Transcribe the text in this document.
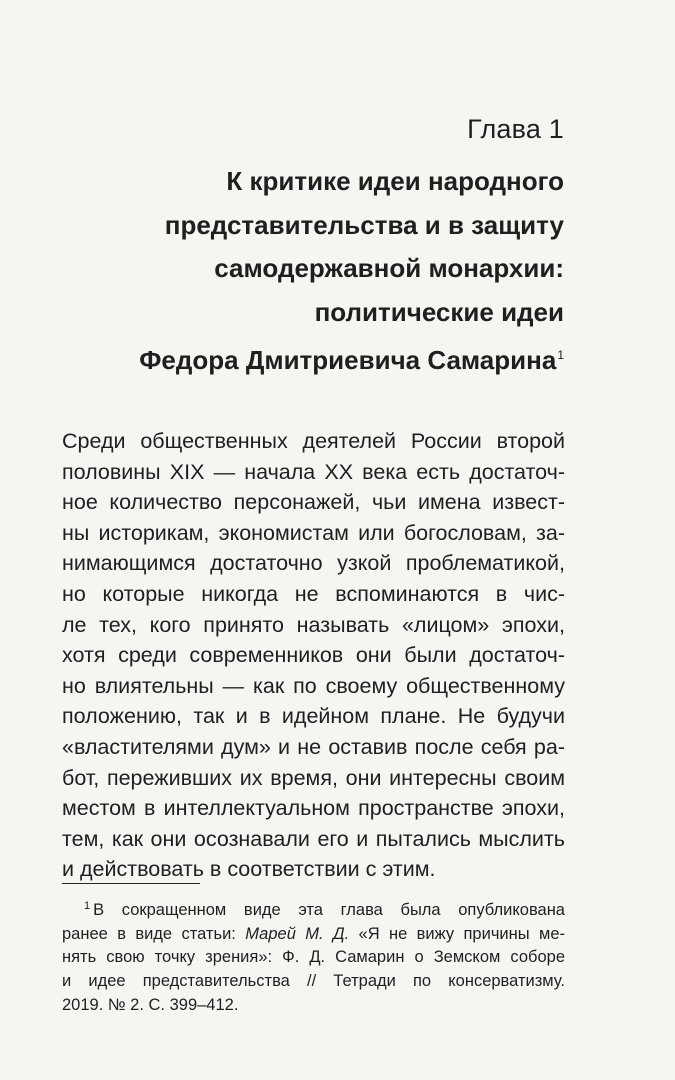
Глава 1
К критике идеи народного
представительства и в защиту
самодержавной монархии:
политические идеи
Федора Дмитриевича Самарина$^1$
Среди общественных деятелей России второй
половины XIX — начала XX века есть достаточ-
ное количество персонажей, чьи имена извест-
ны историкам, экономистам или богословам, за-
нимающимся достаточно узкой проблематикой,
но которые никогда не вспоминаются в чис-
ле тех, кого принято называть «лицом» эпохи,
хотя среди современников они были достаточ-
но влиятельны — как по своему общественному
положению, так и в идейном плане. Не будучи
«властителями дум» и не оставив после себя ра-
бот, переживших их время, они интересны своим
местом в интеллектуальном пространстве эпохи,
тем, как они осознавали его и пытались мыслить
и действовать в соответствии с этим.
$^1$ В сокращенном виде эта глава была опубликована
ранее в виде статьи: Марей М. Д. «Я не вижу причины ме-
нять свою точку зрения»: Ф. Д. Самарин о Земском соборе
и идее представительства // Тетради по консерватизму.
2019. № 2. С. 399–412.
